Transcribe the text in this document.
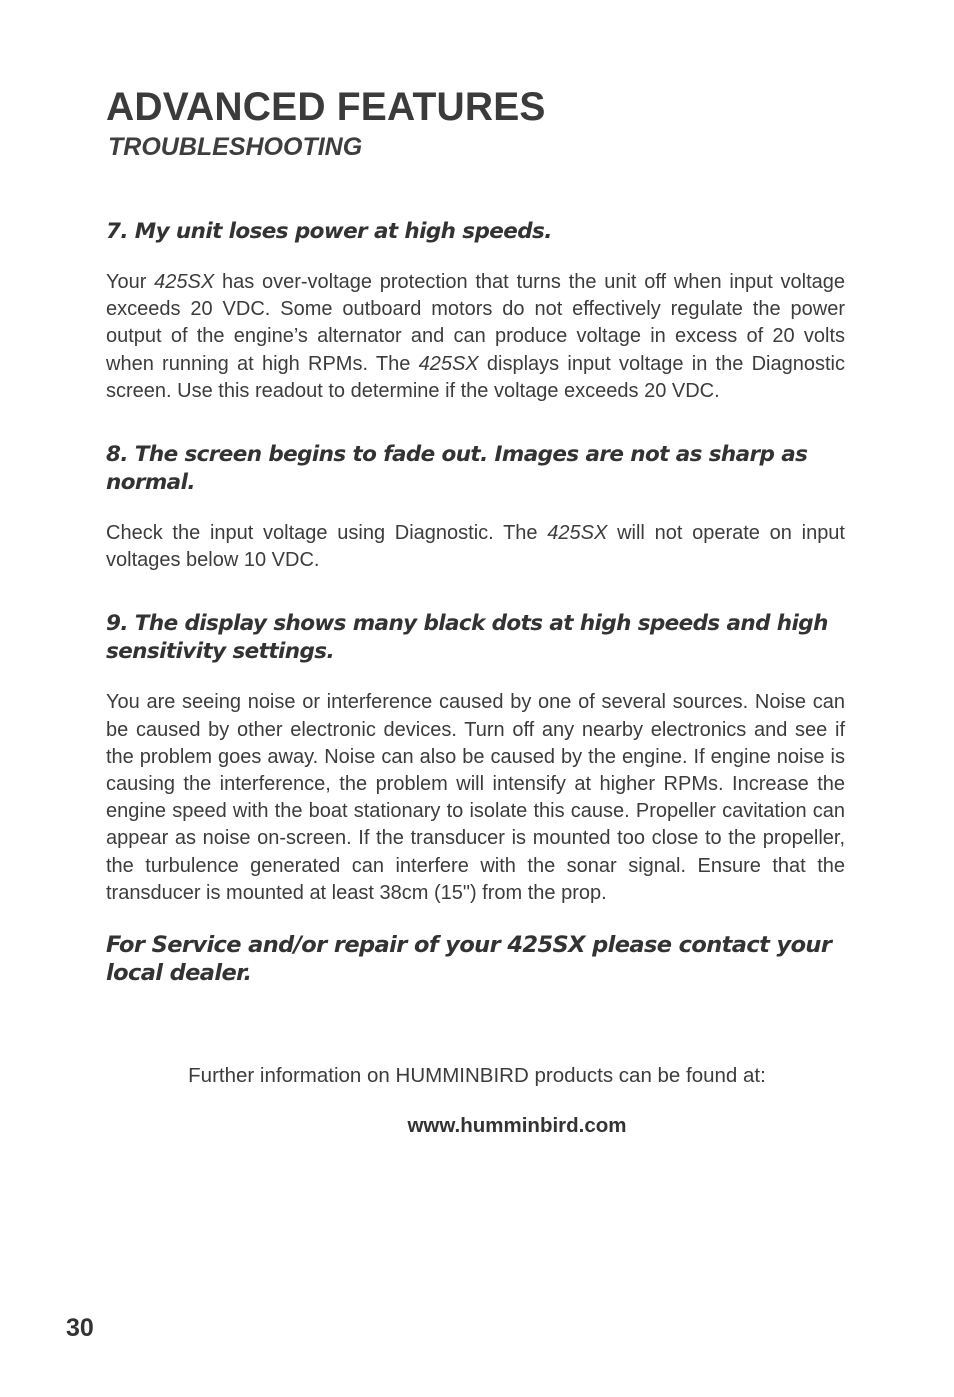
ADVANCED FEATURES
TROUBLESHOOTING

7. My unit loses power at high speeds.

Your 425SX has over-voltage protection that turns the unit off when input voltage exceeds 20 VDC. Some outboard motors do not effectively regulate the power output of the engine’s alternator and can produce voltage in excess of 20 volts when running at high RPMs. The 425SX displays input voltage in the Diagnostic screen. Use this readout to determine if the voltage exceeds 20 VDC.

8. The screen begins to fade out. Images are not as sharp as normal.

Check the input voltage using Diagnostic. The 425SX will not operate on input voltages below 10 VDC.

9. The display shows many black dots at high speeds and high sensitivity settings.

You are seeing noise or interference caused by one of several sources. Noise can be caused by other electronic devices. Turn off any nearby electronics and see if the problem goes away. Noise can also be caused by the engine. If engine noise is causing the interference, the problem will intensify at higher RPMs. Increase the engine speed with the boat stationary to isolate this cause. Propeller cavitation can appear as noise on-screen. If the transducer is mounted too close to the propeller, the turbulence generated can interfere with the sonar signal. Ensure that the transducer is mounted at least 38cm (15") from the prop.

For Service and/or repair of your 425SX please contact your local dealer.

Further information on HUMMINBIRD products can be found at:

www.humminbird.com

30
